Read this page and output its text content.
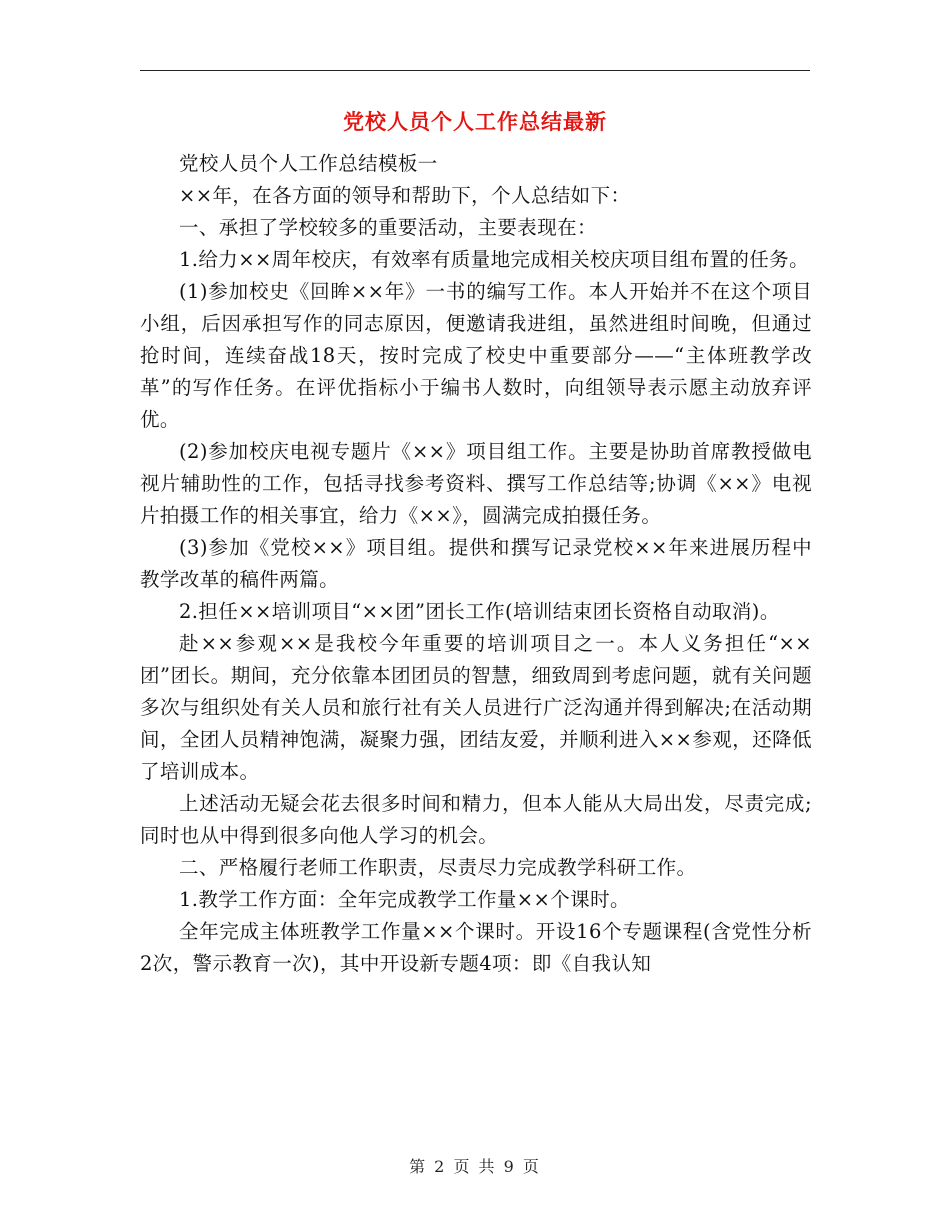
党校人员个人工作总结最新

党校人员个人工作总结模板一

××年，在各方面的领导和帮助下，个人总结如下：

一、承担了学校较多的重要活动，主要表现在：

1.给力××周年校庆，有效率有质量地完成相关校庆项目组布置的任务。

(1)参加校史《回眸××年》一书的编写工作。本人开始并不在这个项目小组，后因承担写作的同志原因，便邀请我进组，虽然进组时间晚，但通过抢时间，连续奋战18天，按时完成了校史中重要部分——“主体班教学改革”的写作任务。在评优指标小于编书人数时，向组领导表示愿主动放弃评优。

(2)参加校庆电视专题片《××》项目组工作。主要是协助首席教授做电视片辅助性的工作，包括寻找参考资料、撰写工作总结等;协调《××》电视片拍摄工作的相关事宜，给力《××》，圆满完成拍摄任务。

(3)参加《党校××》项目组。提供和撰写记录党校××年来进展历程中教学改革的稿件两篇。

2.担任××培训项目“××团”团长工作(培训结束团长资格自动取消)。

赴××参观××是我校今年重要的培训项目之一。本人义务担任“××团”团长。期间，充分依靠本团团员的智慧，细致周到考虑问题，就有关问题多次与组织处有关人员和旅行社有关人员进行广泛沟通并得到解决;在活动期间，全团人员精神饱满，凝聚力强，团结友爱，并顺利进入××参观，还降低了培训成本。

上述活动无疑会花去很多时间和精力，但本人能从大局出发，尽责完成;同时也从中得到很多向他人学习的机会。

二、严格履行老师工作职责，尽责尽力完成教学科研工作。

1.教学工作方面：全年完成教学工作量××个课时。

全年完成主体班教学工作量××个课时。开设16个专题课程(含党性分析2次，警示教育一次)，其中开设新专题4项：即《自我认知

第 2 页 共 9 页
